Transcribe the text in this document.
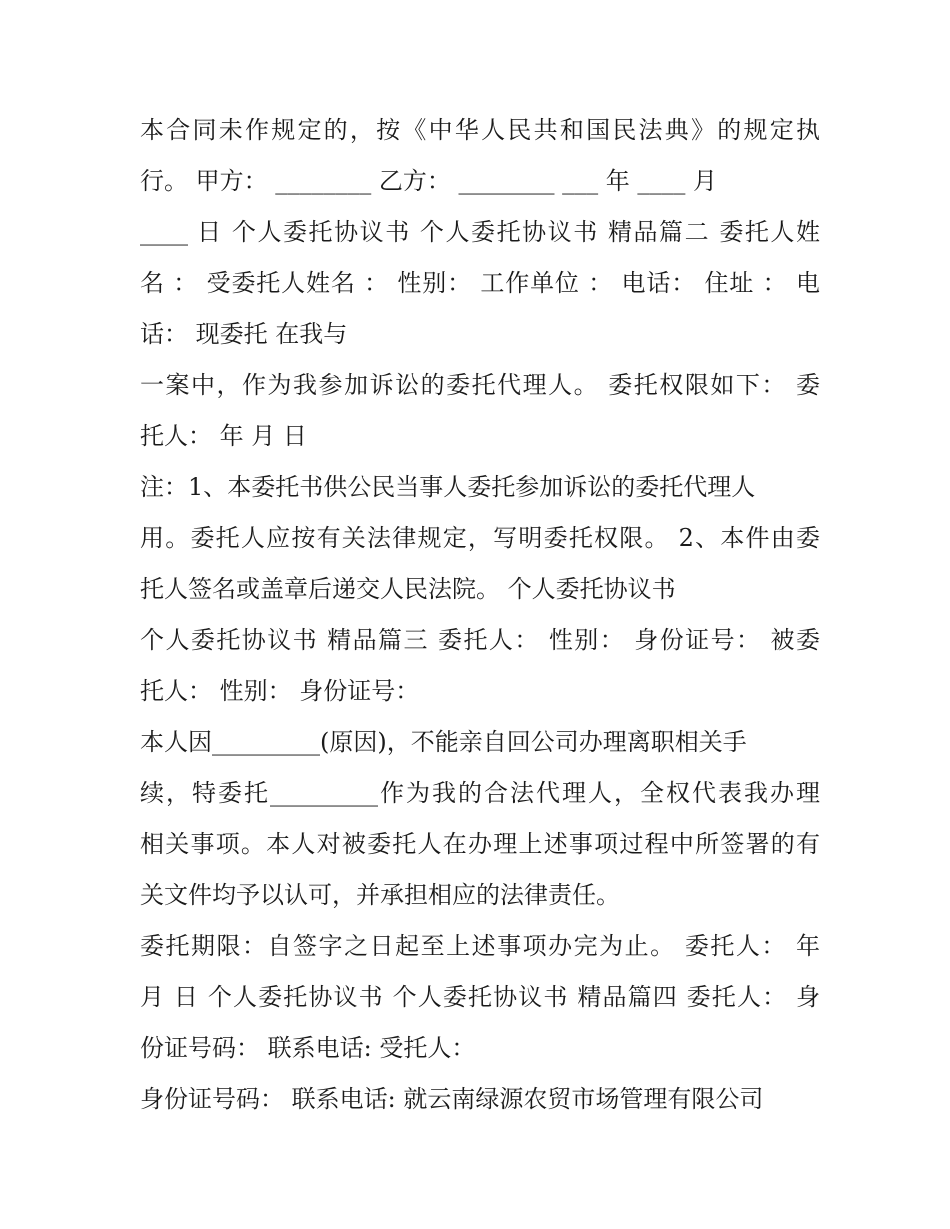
本合同未作规定的，按《中华人民共和国民法典》的规定执
行。 甲方： ________ 乙方： ________ ___ 年 ____ 月
____ 日 个人委托协议书 个人委托协议书 精品篇二 委托人姓
名 ： 受委托人姓名 ： 性别： 工作单位 ： 电话： 住址 ： 电
话： 现委托 在我与
一案中，作为我参加诉讼的委托代理人。 委托权限如下： 委
托人： 年 月 日
注：1、本委托书供公民当事人委托参加诉讼的委托代理人
用。委托人应按有关法律规定，写明委托权限。 2、本件由委
托人签名或盖章后递交人民法院。 个人委托协议书
个人委托协议书 精品篇三 委托人： 性别： 身份证号： 被委
托人： 性别： 身份证号：
本人因_________(原因)，不能亲自回公司办理离职相关手
续，特委托_________作为我的合法代理人，全权代表我办理
相关事项。本人对被委托人在办理上述事项过程中所签署的有
关文件均予以认可，并承担相应的法律责任。
委托期限：自签字之日起至上述事项办完为止。 委托人： 年
月 日 个人委托协议书 个人委托协议书 精品篇四 委托人： 身
份证号码： 联系电话: 受托人：
身份证号码： 联系电话: 就云南绿源农贸市场管理有限公司
